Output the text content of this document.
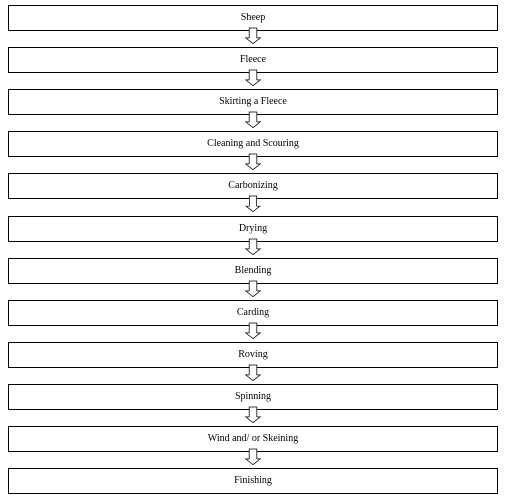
Sheep
Fleece
Skirting a Fleece
Cleaning and Scouring
Carbonizing
Drying
Blending
Carding
Roving
Spinning
Wind and/ or Skeining
Finishing
